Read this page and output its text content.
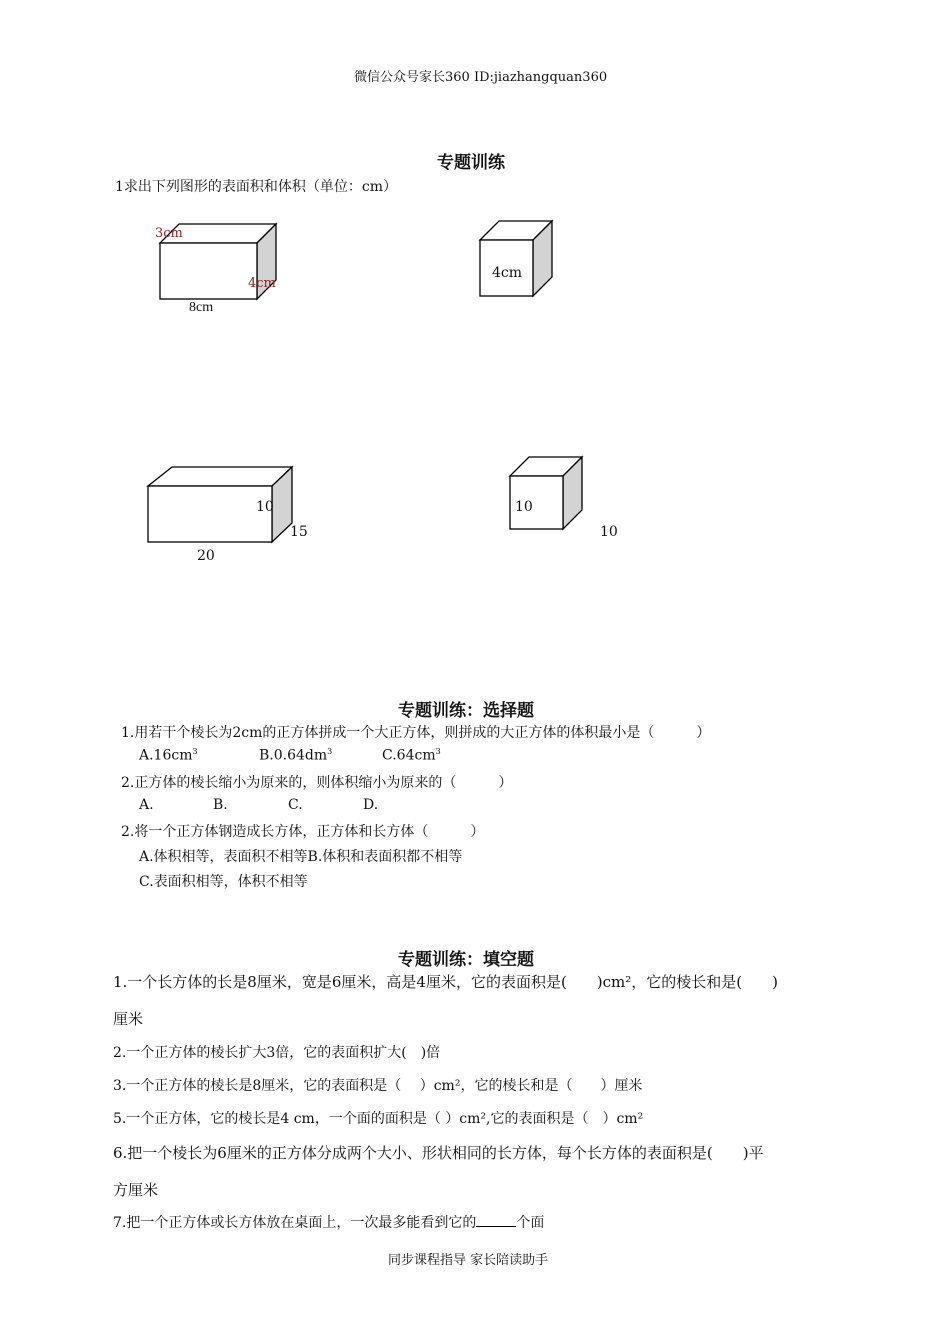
微信公众号家长360 ID:jiazhangquan360
专题训练
1求出下列图形的表面积和体积（单位：cm）
3cm
4cm
8cm
4cm
10
15
20
10
10
专题训练：选择题
1.用若干个棱长为2cm的正方体拼成一个大正方体，则拼成的大正方体的体积最小是（　　　）
$A.16cm^3$	$B.0.64dm^3$	$C.64cm^3$
2.正方体的棱长缩小为原来的，则体积缩小为原来的（　　　）
A.	B.	C.	D.
2.将一个正方体钢造成长方体，正方体和长方体（　　　）
A.体积相等，表面积不相等B.体积和表面积都不相等
C.表面积相等，体积不相等
专题训练：填空题
1.一个长方体的长是8厘米，宽是6厘米，高是4厘米，它的表面积是(　　)cm²，它的棱长和是(　　)
厘米
2.一个正方体的棱长扩大3倍，它的表面积扩大(　)倍
3.一个正方体的棱长是8厘米，它的表面积是（　 ）cm²，它的棱长和是（　　）厘米
5.一个正方体，它的棱长是4 cm，一个面的面积是（ ）cm²,它的表面积是（　）cm²
6.把一个棱长为6厘米的正方体分成两个大小、形状相同的长方体，每个长方体的表面积是(　　)平
方厘米
7.把一个正方体或长方体放在桌面上，一次最多能看到它的	个面
同步课程指导 家长陪读助手
